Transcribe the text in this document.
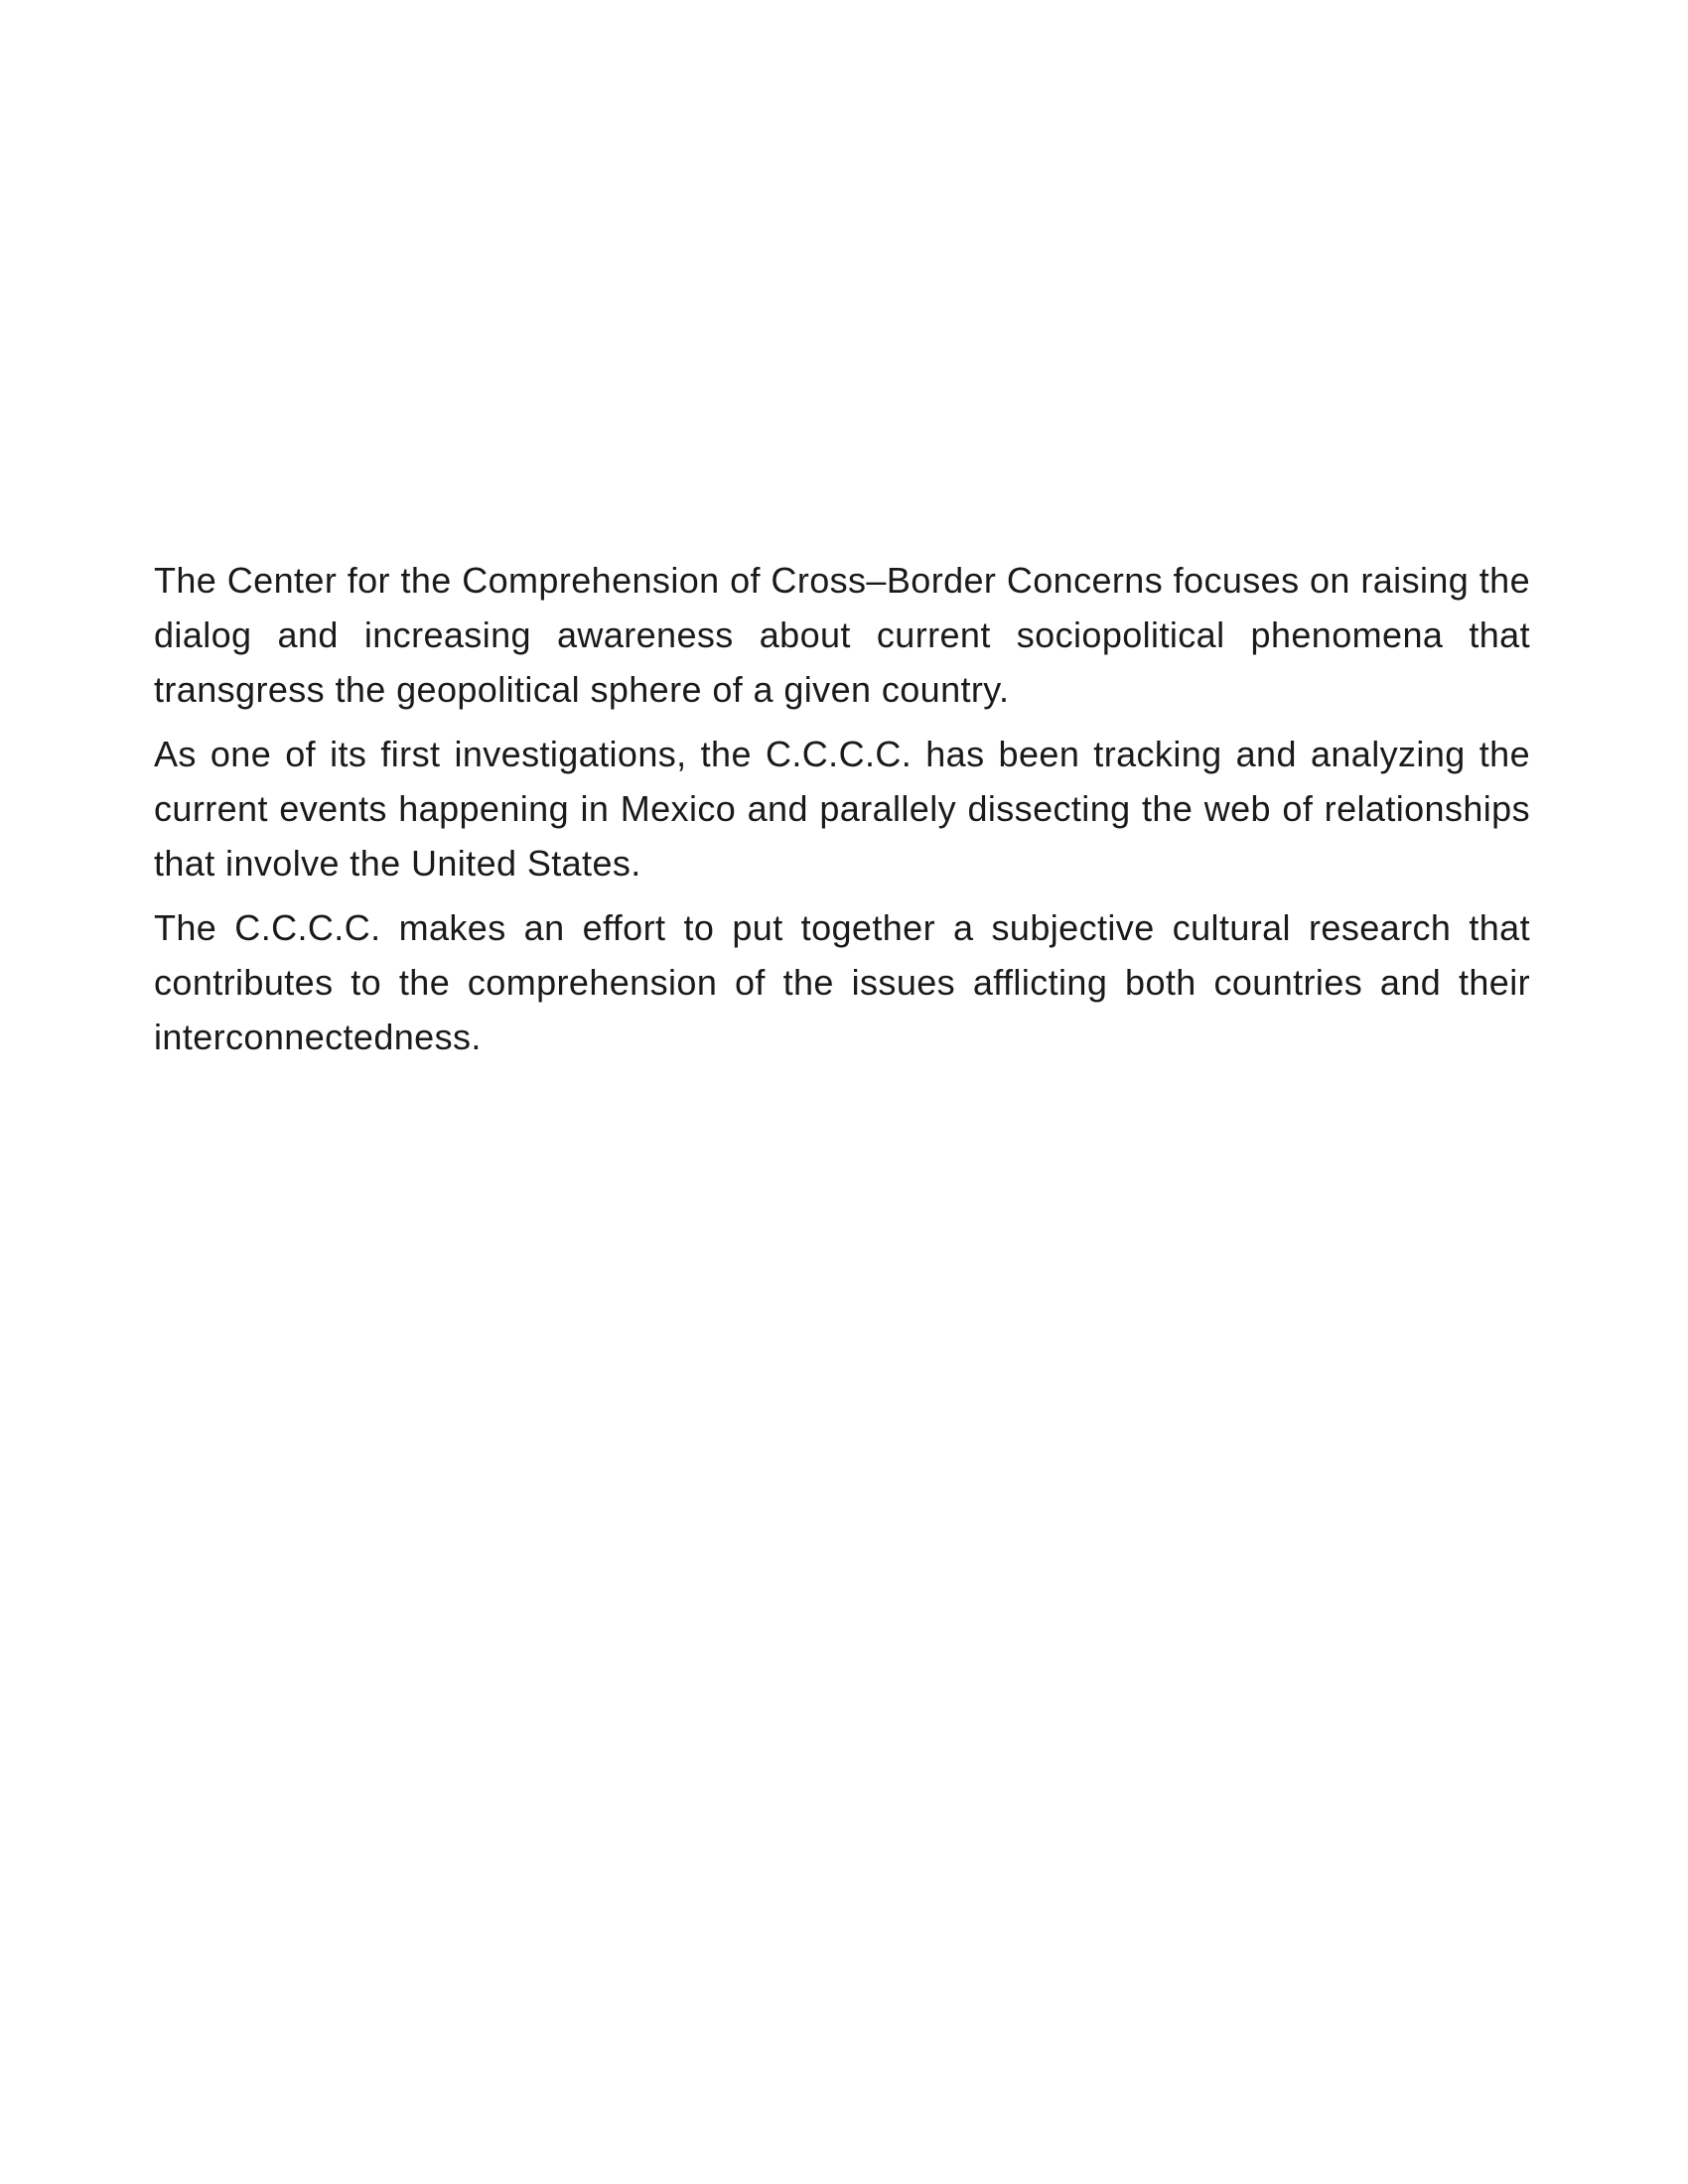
The Center for the Comprehension of Cross–Border Concerns focuses on raising the dialog and increasing awareness about current sociopolitical phenomena that transgress the geopolitical sphere of a given country.

As one of its first investigations, the C.C.C.C. has been tracking and analyzing the current events happening in Mexico and parallely dissecting the web of relationships that involve the United States.

The C.C.C.C. makes an effort to put together a subjective cultural research that contributes to the comprehension of the issues afflicting both countries and their interconnectedness.
